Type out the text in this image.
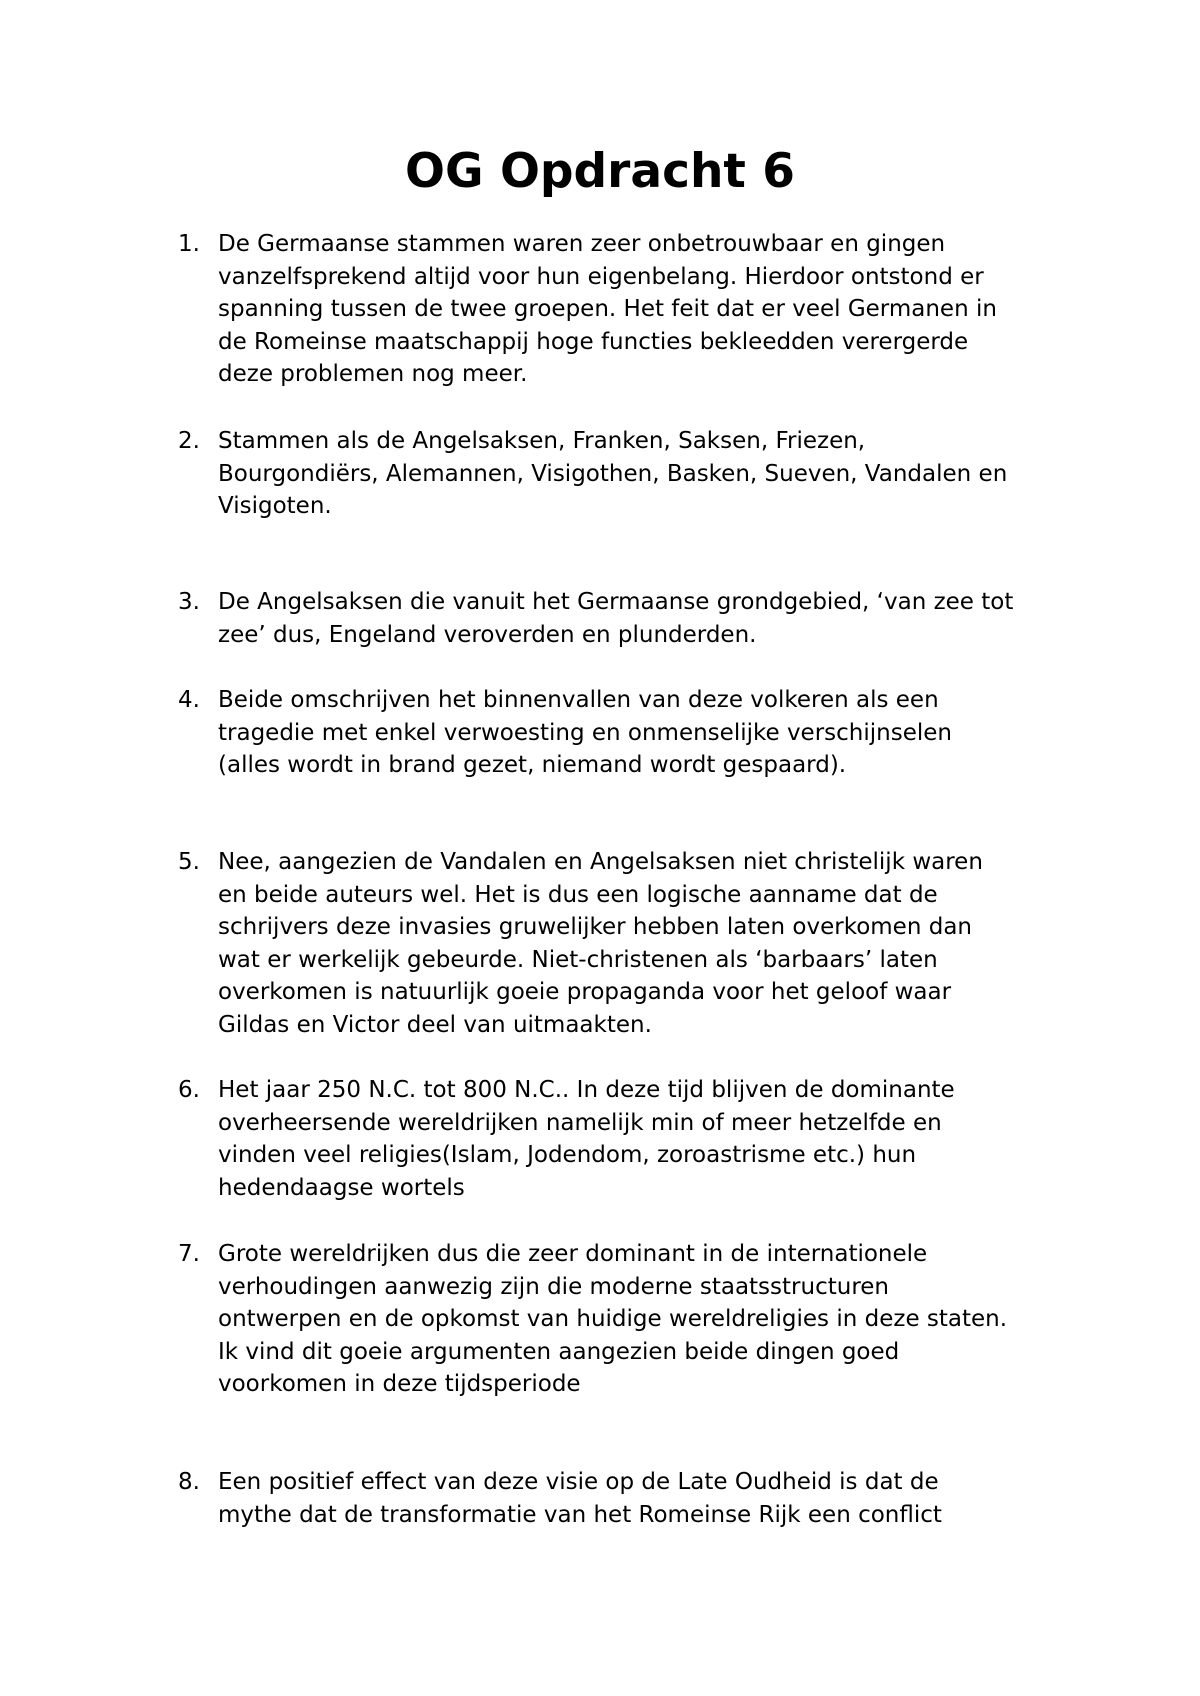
OG Opdracht 6
1. De Germaanse stammen waren zeer onbetrouwbaar en gingen
vanzelfsprekend altijd voor hun eigenbelang. Hierdoor ontstond er
spanning tussen de twee groepen. Het feit dat er veel Germanen in
de Romeinse maatschappij hoge functies bekleedden verergerde
deze problemen nog meer.
2. Stammen als de Angelsaksen, Franken, Saksen, Friezen,
Bourgondiërs, Alemannen, Visigothen, Basken, Sueven, Vandalen en
Visigoten.
3. De Angelsaksen die vanuit het Germaanse grondgebied, ‘van zee tot
zee’ dus, Engeland veroverden en plunderden.
4. Beide omschrijven het binnenvallen van deze volkeren als een
tragedie met enkel verwoesting en onmenselijke verschijnselen
(alles wordt in brand gezet, niemand wordt gespaard).
5. Nee, aangezien de Vandalen en Angelsaksen niet christelijk waren
en beide auteurs wel. Het is dus een logische aanname dat de
schrijvers deze invasies gruwelijker hebben laten overkomen dan
wat er werkelijk gebeurde. Niet-christenen als ‘barbaars’ laten
overkomen is natuurlijk goeie propaganda voor het geloof waar
Gildas en Victor deel van uitmaakten.
6. Het jaar 250 N.C. tot 800 N.C.. In deze tijd blijven de dominante
overheersende wereldrijken namelijk min of meer hetzelfde en
vinden veel religies(Islam, Jodendom, zoroastrisme etc.) hun
hedendaagse wortels
7. Grote wereldrijken dus die zeer dominant in de internationele
verhoudingen aanwezig zijn die moderne staatsstructuren
ontwerpen en de opkomst van huidige wereldreligies in deze staten.
Ik vind dit goeie argumenten aangezien beide dingen goed
voorkomen in deze tijdsperiode
8. Een positief effect van deze visie op de Late Oudheid is dat de
mythe dat de transformatie van het Romeinse Rijk een conflict
